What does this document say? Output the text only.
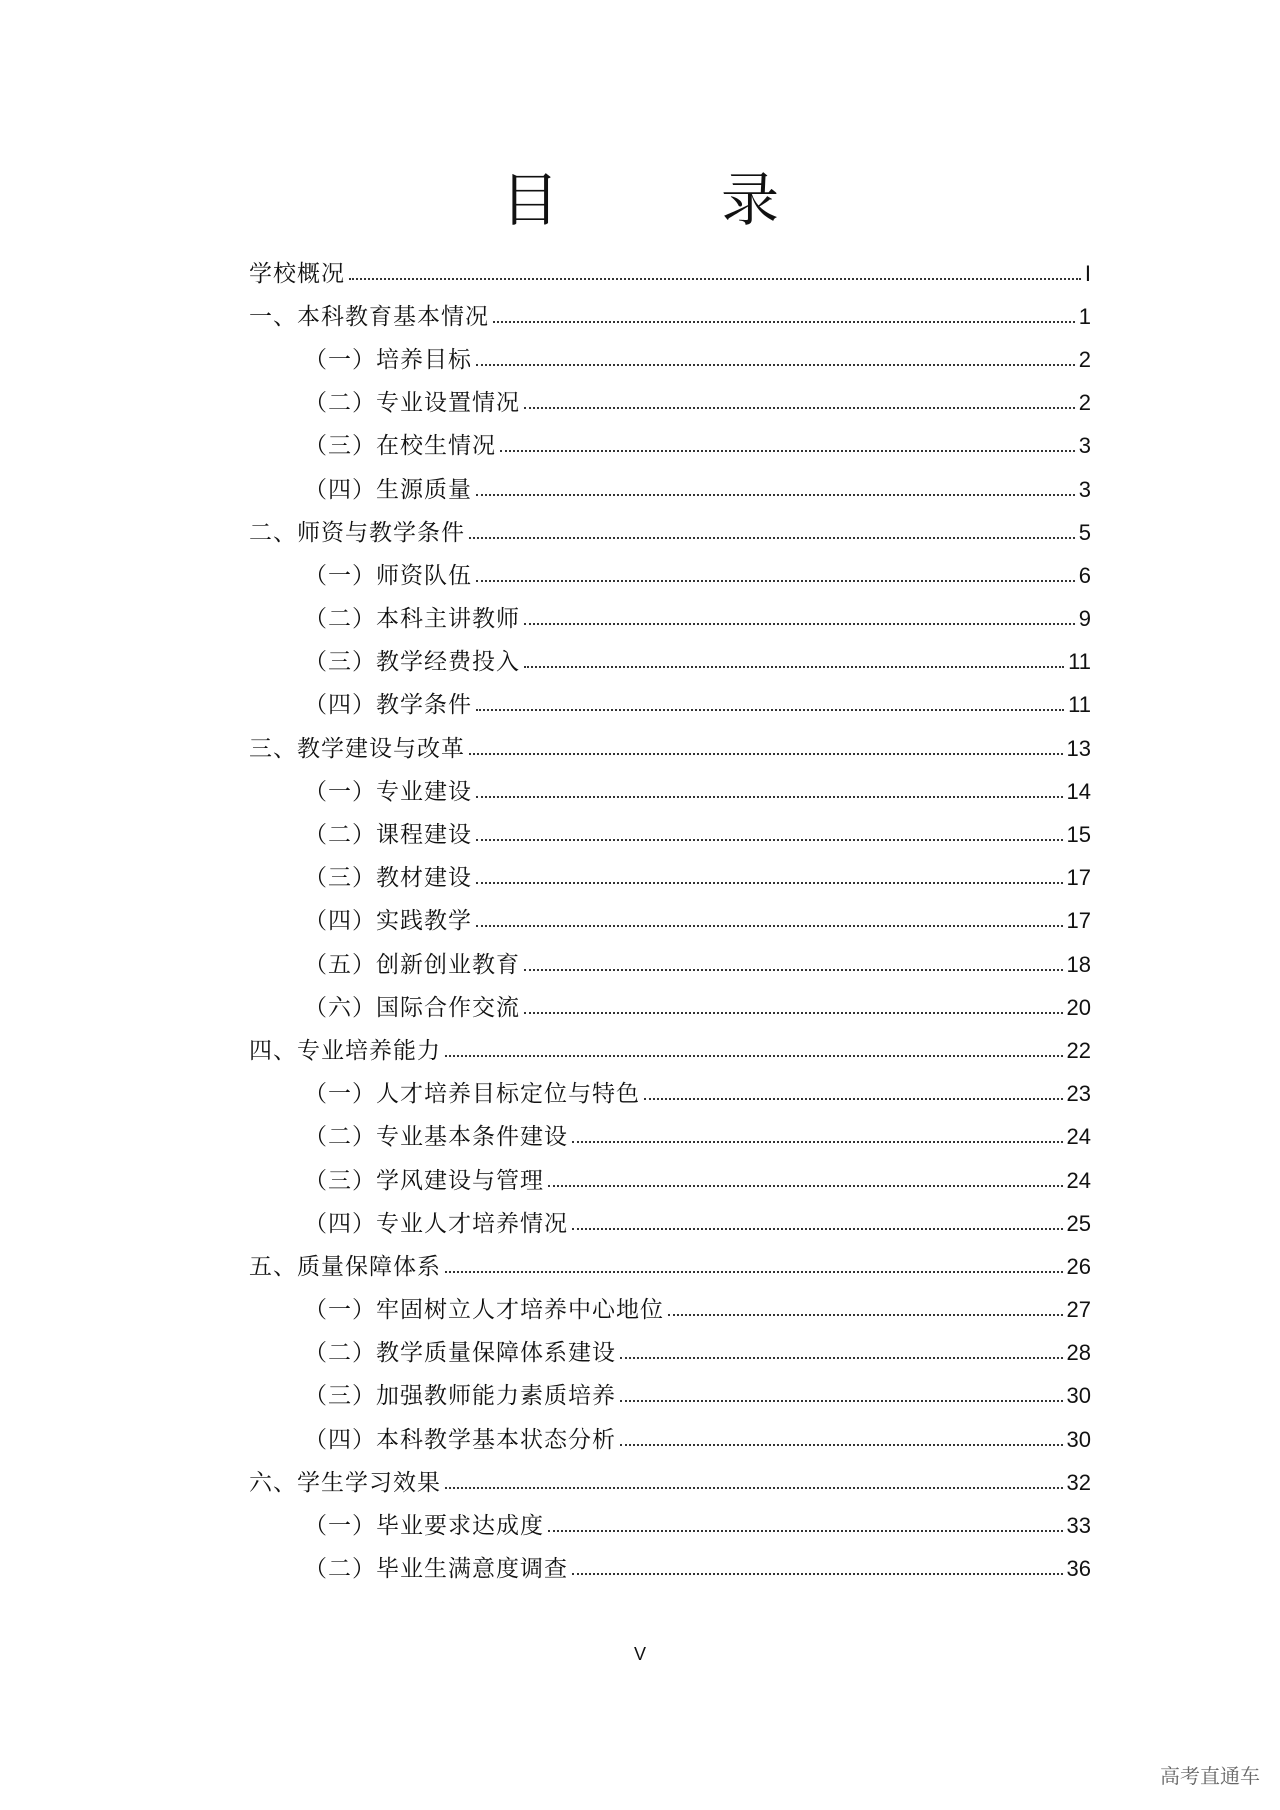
目　录
学校概况	I
一、本科教育基本情况	1
（一）培养目标	2
（二）专业设置情况	2
（三）在校生情况	3
（四）生源质量	3
二、师资与教学条件	5
（一）师资队伍	6
（二）本科主讲教师	9
（三）教学经费投入	11
（四）教学条件	11
三、教学建设与改革	13
（一）专业建设	14
（二）课程建设	15
（三）教材建设	17
（四）实践教学	17
（五）创新创业教育	18
（六）国际合作交流	20
四、专业培养能力	22
（一）人才培养目标定位与特色	23
（二）专业基本条件建设	24
（三）学风建设与管理	24
（四）专业人才培养情况	25
五、质量保障体系	26
（一）牢固树立人才培养中心地位	27
（二）教学质量保障体系建设	28
（三）加强教师能力素质培养	30
（四）本科教学基本状态分析	30
六、学生学习效果	32
（一）毕业要求达成度	33
（二）毕业生满意度调查	36

V

高考直通车
